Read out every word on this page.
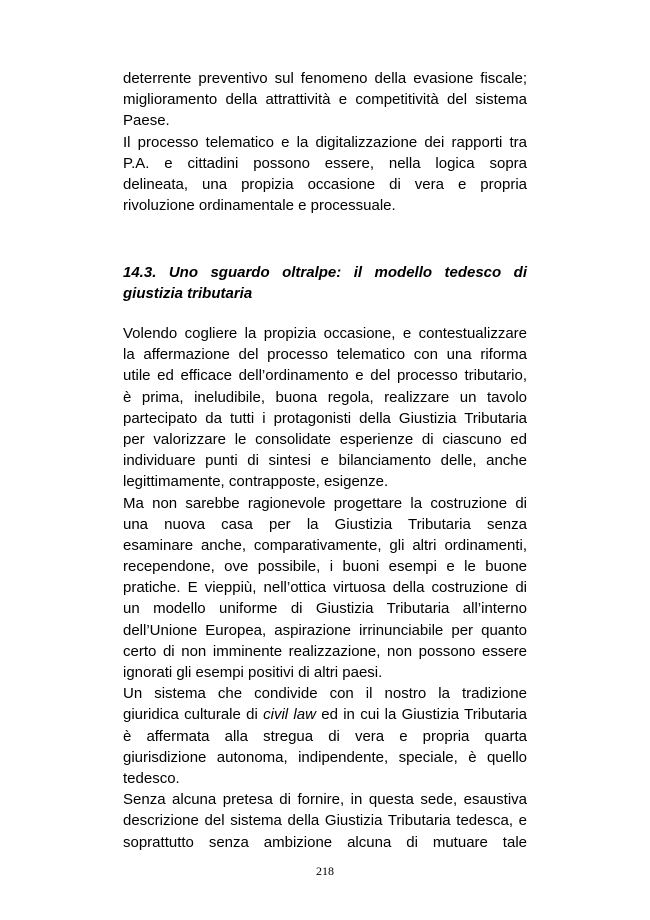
deterrente preventivo sul fenomeno della evasione fiscale;
miglioramento della attrattività e competitività del sistema
Paese.
Il processo telematico e la digitalizzazione dei rapporti tra
P.A. e cittadini possono essere, nella logica sopra
delineata, una propizia occasione di vera e propria
rivoluzione ordinamentale e processuale.
14.3. Uno sguardo oltralpe: il modello tedesco di
giustizia tributaria
Volendo cogliere la propizia occasione, e contestualizzare
la affermazione del processo telematico con una riforma
utile ed efficace dell’ordinamento e del processo tributario,
è prima, ineludibile, buona regola, realizzare un tavolo
partecipato da tutti i protagonisti della Giustizia Tributaria
per valorizzare le consolidate esperienze di ciascuno ed
individuare punti di sintesi e bilanciamento delle, anche
legittimamente, contrapposte, esigenze.
Ma non sarebbe ragionevole progettare la costruzione di
una nuova casa per la Giustizia Tributaria senza
esaminare anche, comparativamente, gli altri ordinamenti,
recependone, ove possibile, i buoni esempi e le buone
pratiche. E vieppiù, nell’ottica virtuosa della costruzione di
un modello uniforme di Giustizia Tributaria all’interno
dell’Unione Europea, aspirazione irrinunciabile per quanto
certo di non imminente realizzazione, non possono essere
ignorati gli esempi positivi di altri paesi.
Un sistema che condivide con il nostro la tradizione
giuridica culturale di civil law ed in cui la Giustizia Tributaria
è affermata alla stregua di vera e propria quarta
giurisdizione autonoma, indipendente, speciale, è quello
tedesco.
Senza alcuna pretesa di fornire, in questa sede, esaustiva
descrizione del sistema della Giustizia Tributaria tedesca, e
soprattutto senza ambizione alcuna di mutuare tale
218
